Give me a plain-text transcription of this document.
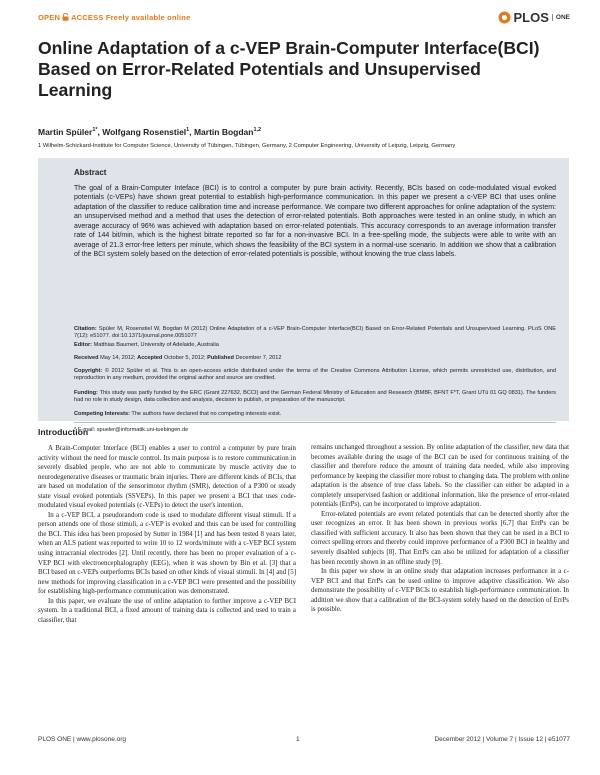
OPEN ACCESS Freely available online	PLOS	ONE
Online Adaptation of a c-VEP Brain-Computer Interface(BCI) Based on Error-Related Potentials and Unsupervised Learning
Martin Spüler$^{1*}$, Wolfgang Rosenstiel$^1$, Martin Bogdan$^{1,2}$
1 Wilhelm-Schickard-Institute for Computer Science, University of Tübingen, Tübingen, Germany, 2 Computer Engineering, University of Leipzig, Leipzig, Germany
Abstract
The goal of a Brain-Computer Inteface (BCI) is to control a computer by pure brain activity. Recently, BCIs based on code-modulated visual evoked potentials (c-VEPs) have shown great potential to establish high-performance communication. In this paper we present a c-VEP BCI that uses online adaptation of the classifier to reduce calibration time and increase performance. We compare two different approaches for online adaptation of the system: an unsupervised method and a method that uses the detection of error-related potentials. Both approaches were tested in an online study, in which an average accuracy of 96% was achieved with adaptation based on error-related potentials. This accuracy corresponds to an average information transfer rate of 144 bit/min, which is the highest bitrate reported so far for a non-invasive BCI. In a free-spelling mode, the subjects were able to write with an average of 21.3 error-free letters per minute, which shows the feasibility of the BCI system in a normal-use scenario. In addition we show that a calibration of the BCI system solely based on the detection of error-related potentials is possible, without knowing the true class labels.
Citation: Spüler M, Rosenstiel W, Bogdan M (2012) Online Adaptation of a c-VEP Brain-Computer Interface(BCI) Based on Error-Related Potentials and Unsupervised Learning. PLoS ONE 7(12): e51077. doi:10.1371/journal.pone.0051077
Editor: Matthias Baumert, University of Adelaide, Australia
Received May 14, 2012; Accepted October 5, 2012; Published December 7, 2012
Copyright: © 2012 Spüler et al. This is an open-access article distributed under the terms of the Creative Commons Attribution License, which permits unrestricted use, distribution, and reproduction in any medium, provided the original author and source are credited.
Funding: This study was partly funded by the ERC (Grant 227632, BCCI) and the German Federal Ministry of Education and Research (BMBF, BFNT F*T, Grant UTü 01 GQ 0831). The funders had no role in study design, data collection and analysis, decision to publish, or preparation of the manuscript.
Competing Interests: The authors have declared that no competing interests exist.
* E-mail: spueler@informatik.uni-tuebingen.de
Introduction

A Brain-Computer Interface (BCI) enables a user to control a computer by pure brain activity without the need for muscle control. Its main purpose is to restore communication in severely disabled people, who are not able to communicate by muscle activity due to neurodegenerative diseases or traumatic brain injuries. There are different kinds of BCIs, that are based on modulation of the sensorimotor rhythm (SMR), detection of a P300 or steady state visual evoked potentials (SSVEPs). In this paper we present a BCI that uses code-modulated visual evoked potentials (c-VEPs) to detect the user's intention.

In a c-VEP BCI, a pseudorandom code is used to modulate different visual stimuli. If a person attends one of those stimuli, a c-VEP is evoked and thus can be used for controlling the BCI. This idea has been proposed by Sutter in 1984 [1] and has been tested 8 years later, when an ALS patient was reported to write 10 to 12 words/minute with a c-VEP BCI system using intracranial electrodes [2]. Until recently, there has been no proper evaluation of a c-VEP BCI with electroencephalography (EEG), when it was shown by Bin et al. [3] that a BCI based on c-VEPs outperforms BCIs based on other kinds of visual stimuli. In [4] and [5] new methods for improving classification in a c-VEP BCI were presented and the possibility for establishing high-performance communication was demonstrated.

In this paper, we evaluate the use of online adaptation to further improve a c-VEP BCI system. In a traditional BCI, a fixed amount of training data is collected and used to train a classifier, that

remains unchanged throughout a session. By online adaptation of the classifier, new data that becomes available during the usage of the BCI can be used for continuous training of the classifier and therefore reduce the amount of training data needed, while also improving performance by keeping the classifier more robust to changing data. The problem with online adaptation is the absence of true class labels. So the classifier can either be adapted in a completely unsupervised fashion or additional information, like the presence of error-related potentials (ErrPs), can be incorporated to improve adaptation.

Error-related potentials are event related potentials that can be detected shortly after the user recognizes an error. It has been shown in previous works [6,7] that ErrPs can be classified with sufficient accuracy. It also has been shown that they can be used in a BCI to correct spelling errors and thereby could improve performance of a P300 BCI in healthy and severely disabled subjects [8]. That ErrPs can also be utilized for adaptation of a classifier has been recently shown in an offline study [9].

In this paper we show in an online study that adaptation increases performance in a c-VEP BCI and that ErrPs can be used online to improve adaptive classification. We also demonstrate the possibility of c-VEP BCIs to establish high-performance communication. In addition we show that a calibration of the BCI-system solely based on the detection of ErrPs is possible.

PLOS ONE | www.plosone.org	1	December 2012 | Volume 7 | Issue 12 | e51077
